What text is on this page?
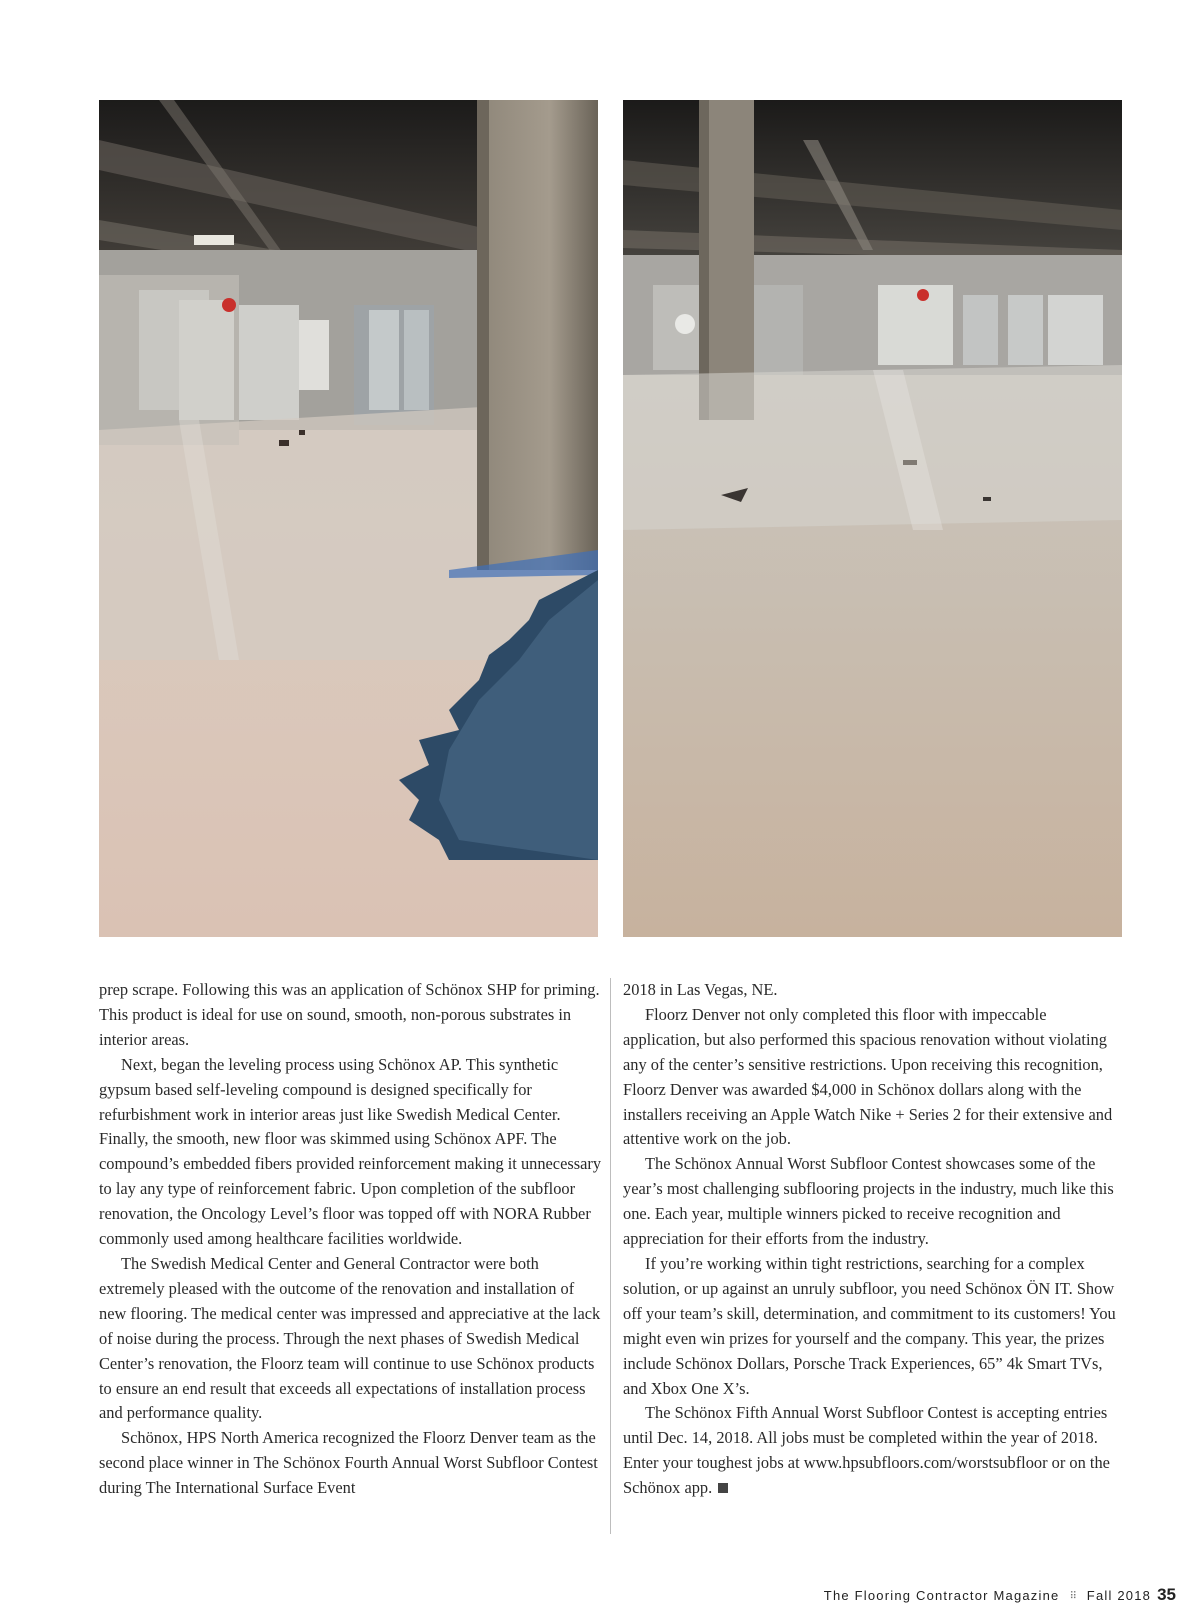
prep scrape. Following this was an application of Schönox SHP for priming. This product is ideal for use on sound, smooth, non-porous substrates in interior areas.

Next, began the leveling process using Schönox AP. This synthetic gypsum based self-leveling compound is designed specifically for refurbishment work in interior areas just like Swedish Medical Center. Finally, the smooth, new floor was skimmed using Schönox APF. The compound’s embedded fibers provided reinforcement making it unnecessary to lay any type of reinforcement fabric. Upon completion of the subfloor renovation, the Oncology Level’s floor was topped off with NORA Rubber commonly used among healthcare facilities worldwide.

The Swedish Medical Center and General Contractor were both extremely pleased with the outcome of the renovation and installation of new flooring. The medical center was impressed and appreciative at the lack of noise during the process. Through the next phases of Swedish Medical Center’s renovation, the Floorz team will continue to use Schönox products to ensure an end result that exceeds all expectations of installation process and performance quality.

Schönox, HPS North America recognized the Floorz Denver team as the second place winner in The Schönox Fourth Annual Worst Subfloor Contest during The International Surface Event

2018 in Las Vegas, NE.

Floorz Denver not only completed this floor with impeccable application, but also performed this spacious renovation without violating any of the center’s sensitive restrictions. Upon receiving this recognition, Floorz Denver was awarded $4,000 in Schönox dollars along with the installers receiving an Apple Watch Nike + Series 2 for their extensive and attentive work on the job.

The Schönox Annual Worst Subfloor Contest showcases some of the year’s most challenging subflooring projects in the industry, much like this one. Each year, multiple winners picked to receive recognition and appreciation for their efforts from the industry.

If you’re working within tight restrictions, searching for a complex solution, or up against an unruly subfloor, you need Schönox ÖN IT. Show off your team’s skill, determination, and commitment to its customers! You might even win prizes for yourself and the company. This year, the prizes include Schönox Dollars, Porsche Track Experiences, 65” 4k Smart TVs, and Xbox One X’s.

The Schönox Fifth Annual Worst Subfloor Contest is accepting entries until Dec. 14, 2018. All jobs must be completed within the year of 2018. Enter your toughest jobs at www.hpsubfloors.com/worstsubfloor or on the Schönox app.

The Flooring Contractor Magazine ⠿ Fall 2018 35
